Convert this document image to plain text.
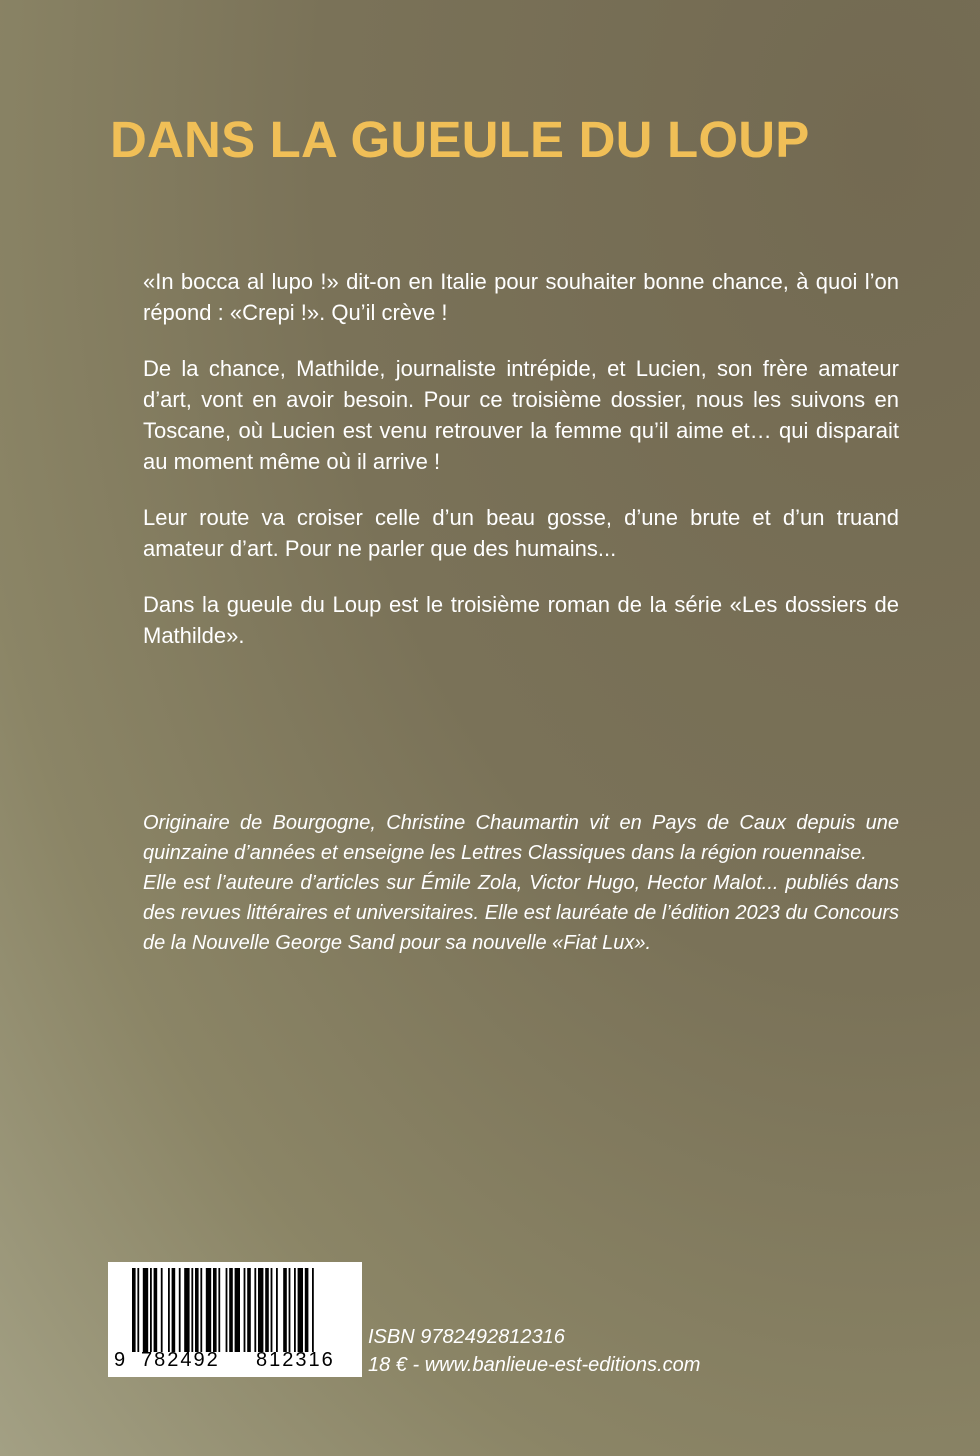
DANS LA GUEULE DU LOUP

«In bocca al lupo !» dit-on en Italie pour souhaiter bonne chance, à quoi l’on répond : «Crepi !». Qu’il crève !

De la chance, Mathilde, journaliste intrépide, et Lucien, son frère amateur d’art, vont en avoir besoin. Pour ce troisième dossier, nous les suivons en Toscane, où Lucien est venu retrouver la femme qu’il aime et… qui disparait au moment même où il arrive !

Leur route va croiser celle d’un beau gosse, d’une brute et d’un truand amateur d’art. Pour ne parler que des humains...

Dans la gueule du Loup est le troisième roman de la série «Les dossiers de Mathilde».

Originaire de Bourgogne, Christine Chaumartin vit en Pays de Caux depuis une quinzaine d’années et enseigne les Lettres Classiques dans la région rouennaise.

Elle est l’auteure d’articles sur Émile Zola, Victor Hugo, Hector Malot... publiés dans des revues littéraires et universitaires. Elle est lauréate de l’édition 2023 du Concours de la Nouvelle George Sand pour sa nouvelle «Fiat Lux».

9 782492 812316
ISBN 9782492812316
18 € - www.banlieue-est-editions.com
